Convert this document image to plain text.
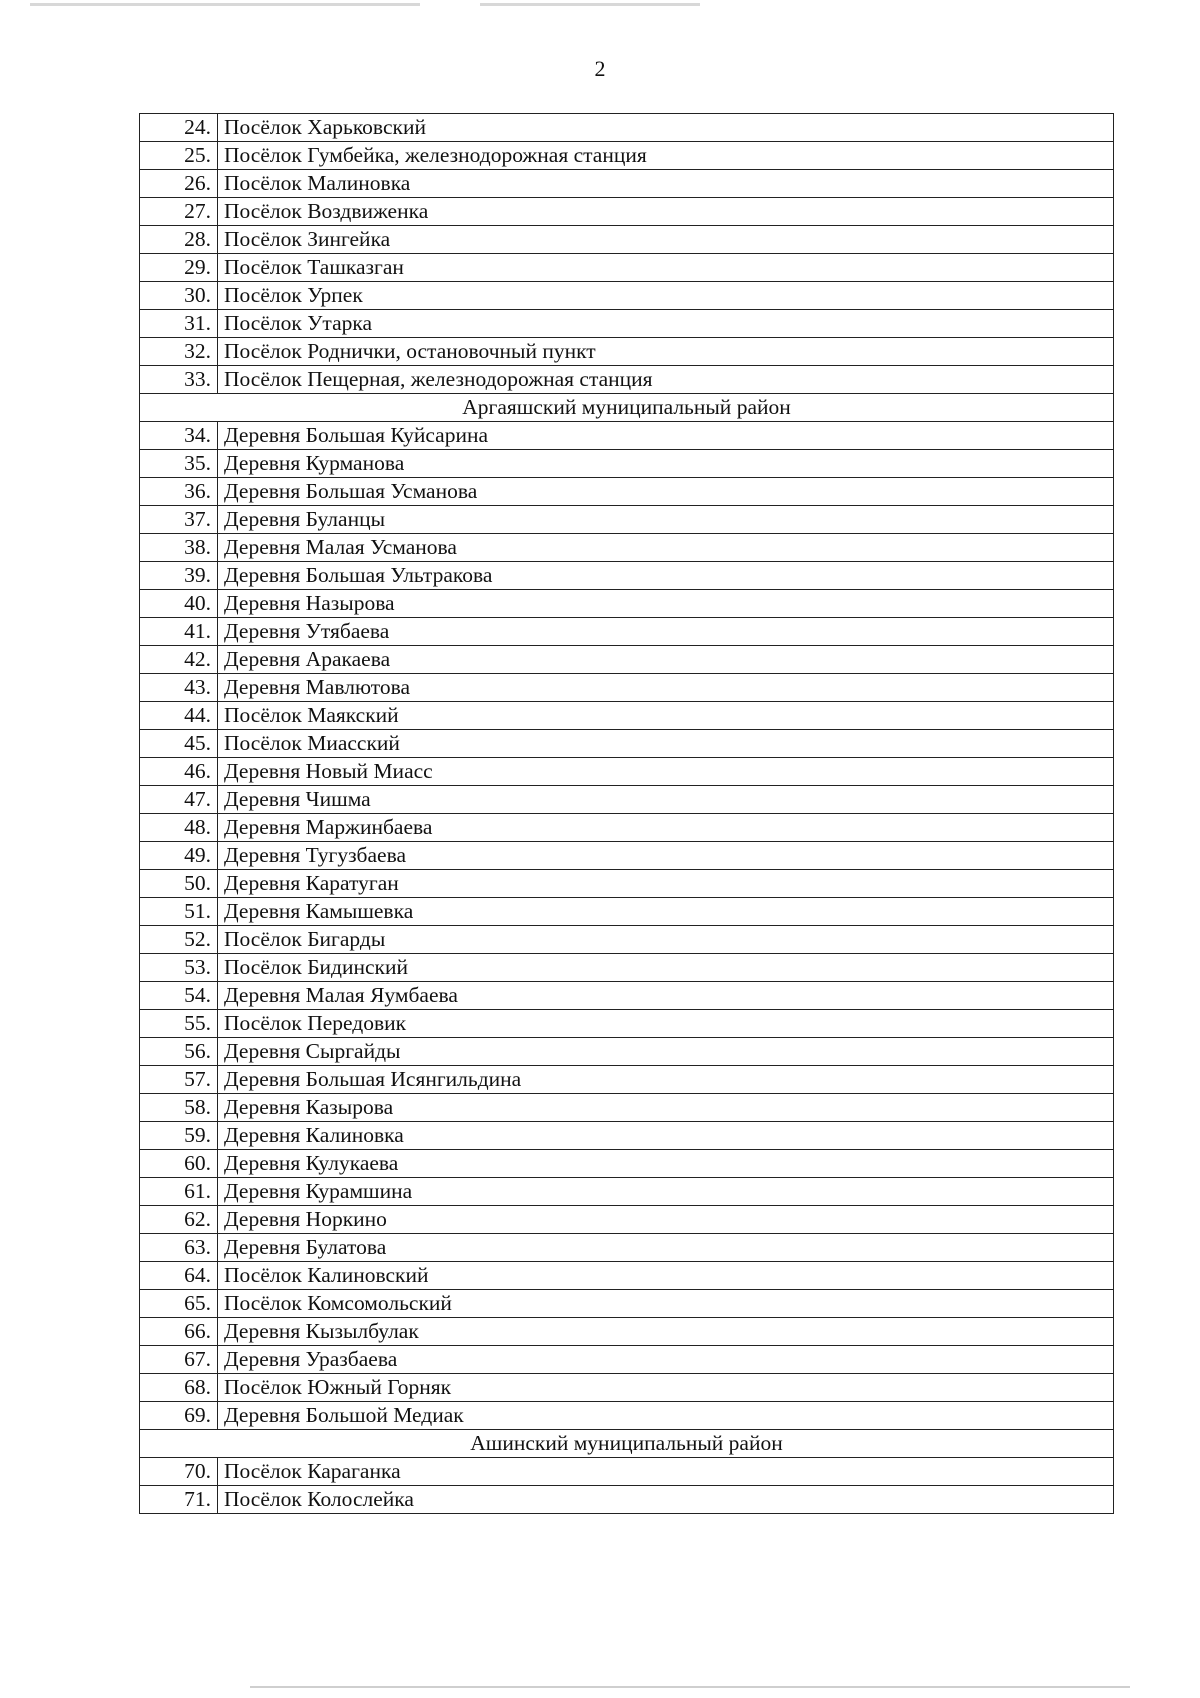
2
24.	Посёлок Харьковский
25.	Посёлок Гумбейка, железнодорожная станция
26.	Посёлок Малиновка
27.	Посёлок Воздвиженка
28.	Посёлок Зингейка
29.	Посёлок Ташказган
30.	Посёлок Урпек
31.	Посёлок Утарка
32.	Посёлок Роднички, остановочный пункт
33.	Посёлок Пещерная, железнодорожная станция
Аргаяшский муниципальный район	
34.	Деревня Большая Куйсарина
35.	Деревня Курманова
36.	Деревня Большая Усманова
37.	Деревня Буланцы
38.	Деревня Малая Усманова
39.	Деревня Большая Ультракова
40.	Деревня Назырова
41.	Деревня Утябаева
42.	Деревня Аракаева
43.	Деревня Мавлютова
44.	Посёлок Маякский
45.	Посёлок Миасский
46.	Деревня Новый Миасс
47.	Деревня Чишма
48.	Деревня Маржинбаева
49.	Деревня Тугузбаева
50.	Деревня Каратуган
51.	Деревня Камышевка
52.	Посёлок Бигарды
53.	Посёлок Бидинский
54.	Деревня Малая Яумбаева
55.	Посёлок Передовик
56.	Деревня Сыргайды
57.	Деревня Большая Исянгильдина
58.	Деревня Казырова
59.	Деревня Калиновка
60.	Деревня Кулукаева
61.	Деревня Курамшина
62.	Деревня Норкино
63.	Деревня Булатова
64.	Посёлок Калиновский
65.	Посёлок Комсомольский
66.	Деревня Кызылбулак
67.	Деревня Уразбаева
68.	Посёлок Южный Горняк
69.	Деревня Большой Медиак
Ашинский муниципальный район	
70.	Посёлок Караганка
71.	Посёлок Колослейка
